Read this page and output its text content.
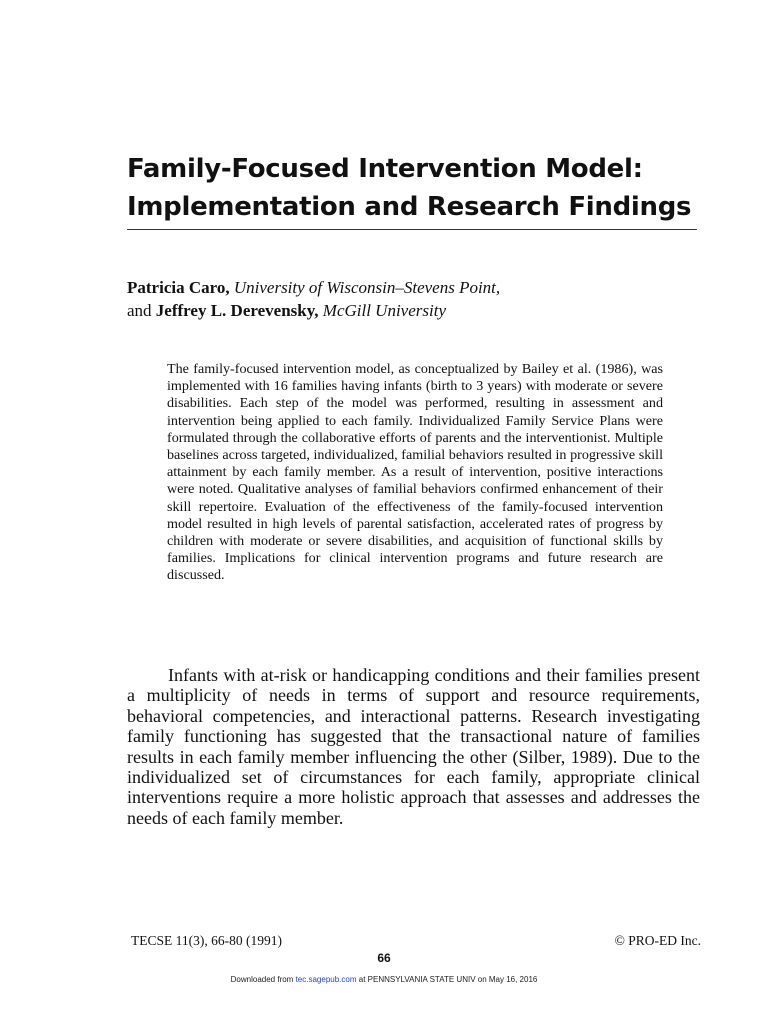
Family-Focused Intervention Model:
Implementation and Research Findings
Patricia Caro, University of Wisconsin–Stevens Point,
and Jeffrey L. Derevensky, McGill University
The family-focused intervention model, as conceptualized by Bailey et al. (1986), was implemented with 16 families having infants (birth to 3 years) with moderate or severe disabilities. Each step of the model was performed, resulting in assessment and intervention being applied to each family. Individualized Family Service Plans were formulated through the collaborative efforts of parents and the interventionist. Multiple baselines across targeted, individualized, familial behaviors resulted in progressive skill attainment by each family member. As a result of intervention, positive interactions were noted. Qualitative analyses of familial behaviors confirmed enhancement of their skill repertoire. Evaluation of the effectiveness of the family-focused intervention model resulted in high levels of parental satisfaction, accelerated rates of progress by children with moderate or severe disabilities, and acquisition of functional skills by families. Implications for clinical intervention programs and future research are discussed.
Infants with at-risk or handicapping conditions and their families present a multiplicity of needs in terms of support and resource requirements, behavioral competencies, and interactional patterns. Research investigating family functioning has suggested that the transactional nature of families results in each family member influencing the other (Silber, 1989). Due to the individualized set of circumstances for each family, appropriate clinical interventions require a more holistic approach that assesses and addresses the needs of each family member.
TECSE 11(3), 66-80 (1991)	© PRO-ED Inc.
66
Downloaded from tec.sagepub.com at PENNSYLVANIA STATE UNIV on May 16, 2016
